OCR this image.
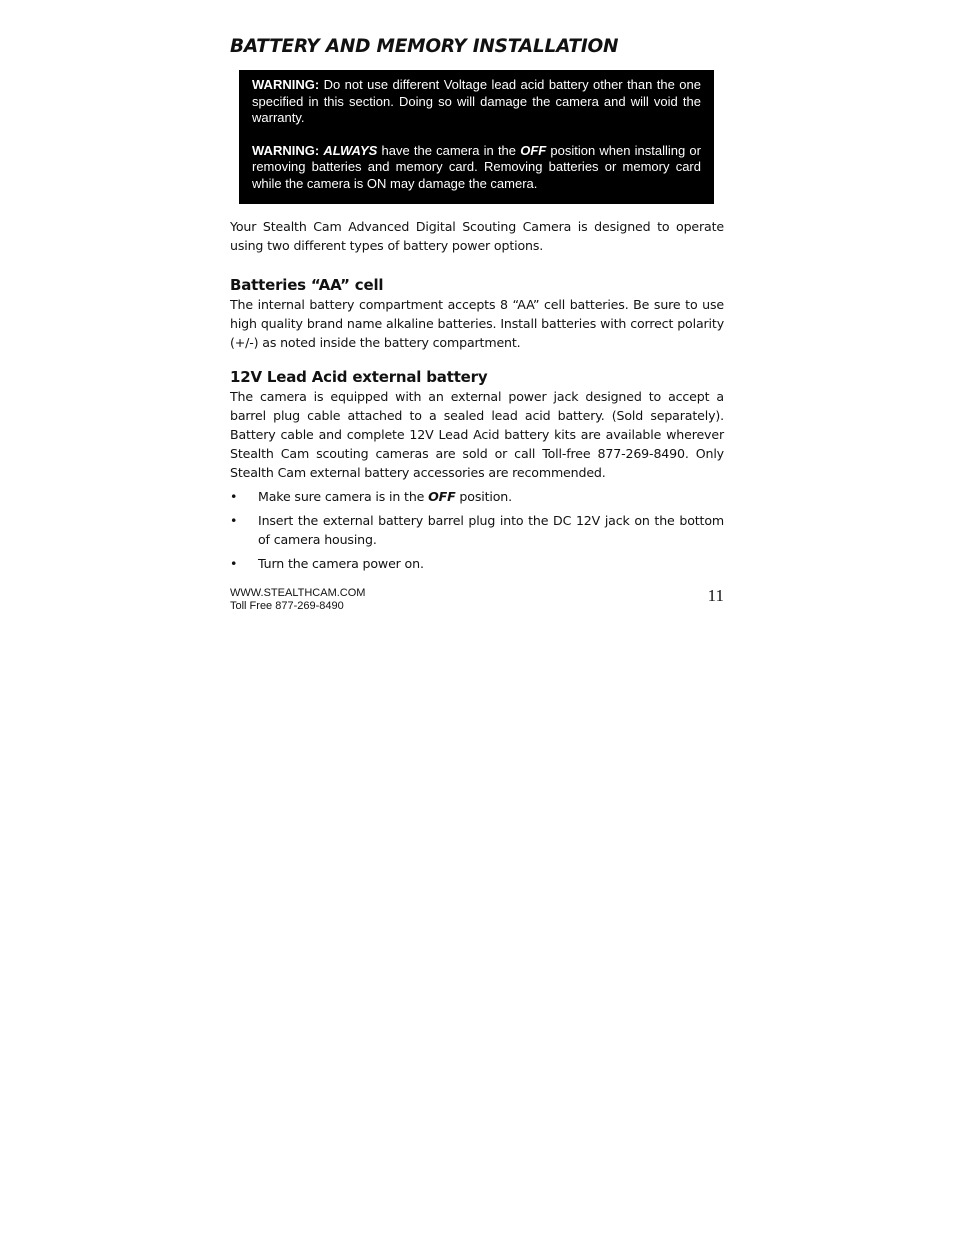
BATTERY AND MEMORY INSTALLATION

WARNING: Do not use different Voltage lead acid battery other than the one specified in this section. Doing so will damage the camera and will void the warranty.

WARNING: ALWAYS have the camera in the OFF position when installing or removing batteries and memory card. Removing batteries or memory card while the camera is ON may damage the camera.

Your Stealth Cam Advanced Digital Scouting Camera is designed to operate using two different types of battery power options.

Batteries “AA” cell

The internal battery compartment accepts 8 “AA” cell batteries. Be sure to use high quality brand name alkaline batteries. Install batteries with correct polarity (+/-) as noted inside the battery compartment.

12V Lead Acid external battery

The camera is equipped with an external power jack designed to accept a barrel plug cable attached to a sealed lead acid battery. (Sold separately). Battery cable and complete 12V Lead Acid battery kits are available wherever Stealth Cam scouting cameras are sold or call Toll-free 877-269-8490. Only Stealth Cam external battery accessories are recommended.

• Make sure camera is in the OFF position.
• Insert the external battery barrel plug into the DC 12V jack on the bottom of camera housing.
• Turn the camera power on.
WWW.STEALTHCAM.COM
Toll Free 877-269-8490
11
